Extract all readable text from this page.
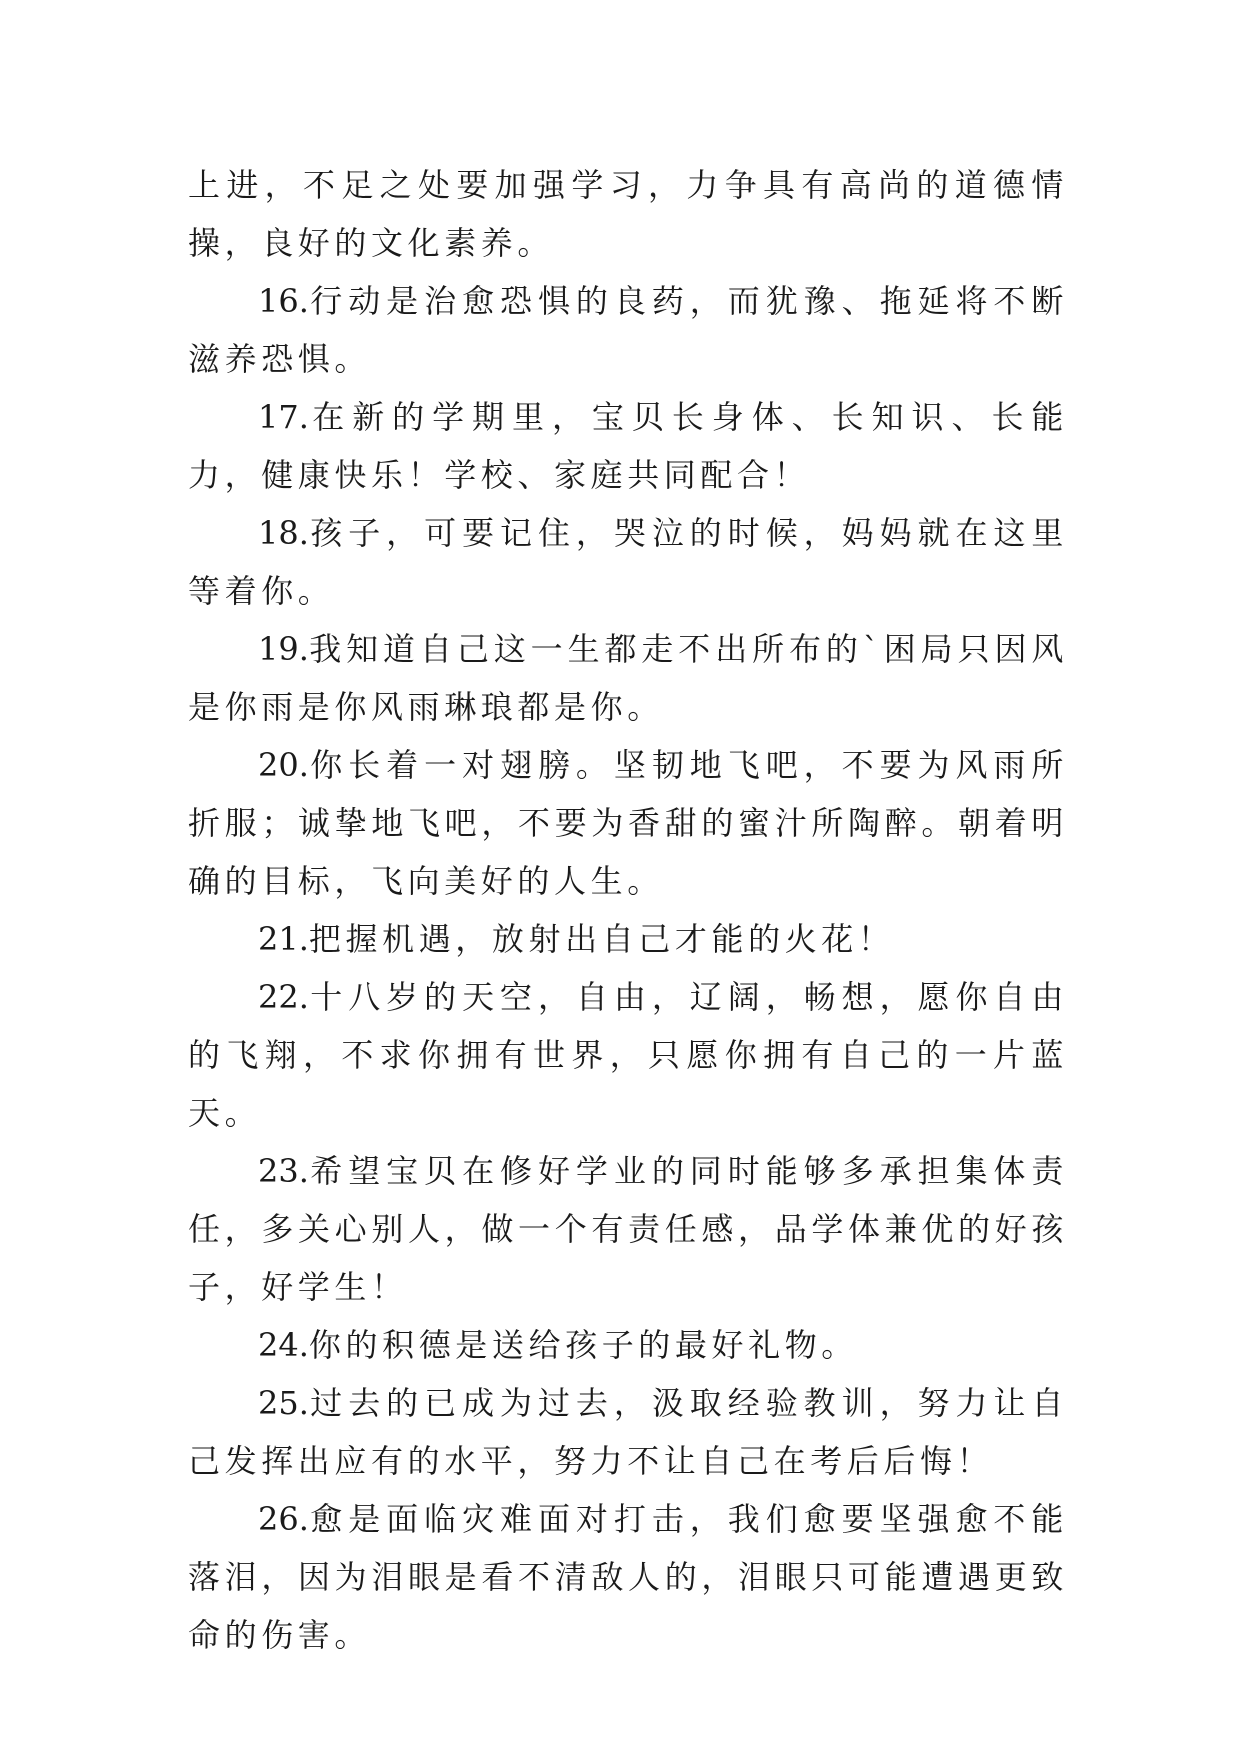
上进，不足之处要加强学习，力争具有高尚的道德情操，良好的文化素养。

16.行动是治愈恐惧的良药，而犹豫、拖延将不断滋养恐惧。

17.在新的学期里，宝贝长身体、长知识、长能力，健康快乐！学校、家庭共同配合！

18.孩子，可要记住，哭泣的时候，妈妈就在这里等着你。

19.我知道自己这一生都走不出所布的`困局只因风是你雨是你风雨琳琅都是你。

20.你长着一对翅膀。坚韧地飞吧，不要为风雨所折服；诚挚地飞吧，不要为香甜的蜜汁所陶醉。朝着明确的目标，飞向美好的人生。

21.把握机遇，放射出自己才能的火花！

22.十八岁的天空，自由，辽阔，畅想，愿你自由的飞翔，不求你拥有世界，只愿你拥有自己的一片蓝天。

23.希望宝贝在修好学业的同时能够多承担集体责任，多关心别人，做一个有责任感，品学体兼优的好孩子，好学生！

24.你的积德是送给孩子的最好礼物。

25.过去的已成为过去，汲取经验教训，努力让自己发挥出应有的水平，努力不让自己在考后后悔！

26.愈是面临灾难面对打击，我们愈要坚强愈不能落泪，因为泪眼是看不清敌人的，泪眼只可能遭遇更致命的伤害。
